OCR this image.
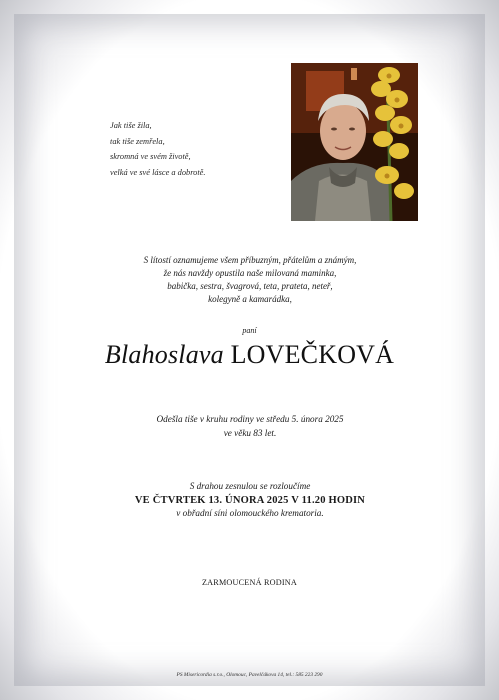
Jak tiše žila,
tak tiše zemřela,
skromná ve svém životě,
velká ve své lásce a dobrotě.
S lítostí oznamujeme všem příbuzným, přátelům a známým,
že nás navždy opustila naše milovaná maminka,
babička, sestra, švagrová, teta, prateta, neteř,
kolegyně a kamarádka,
paní
Blahoslava LOVEČKOVÁ
Odešla tiše v kruhu rodiny ve středu 5. února 2025
ve věku 83 let.
S drahou zesnulou se rozloučíme
VE ČTVRTEK 13. ÚNORA 2025 V 11.20 HODIN
v obřadní síni olomouckého krematoria.
ZARMOUCENÁ RODINA
PS Misericordia s.r.o., Olomouc, Pavelčákova 14, tel.: 585 223 290
